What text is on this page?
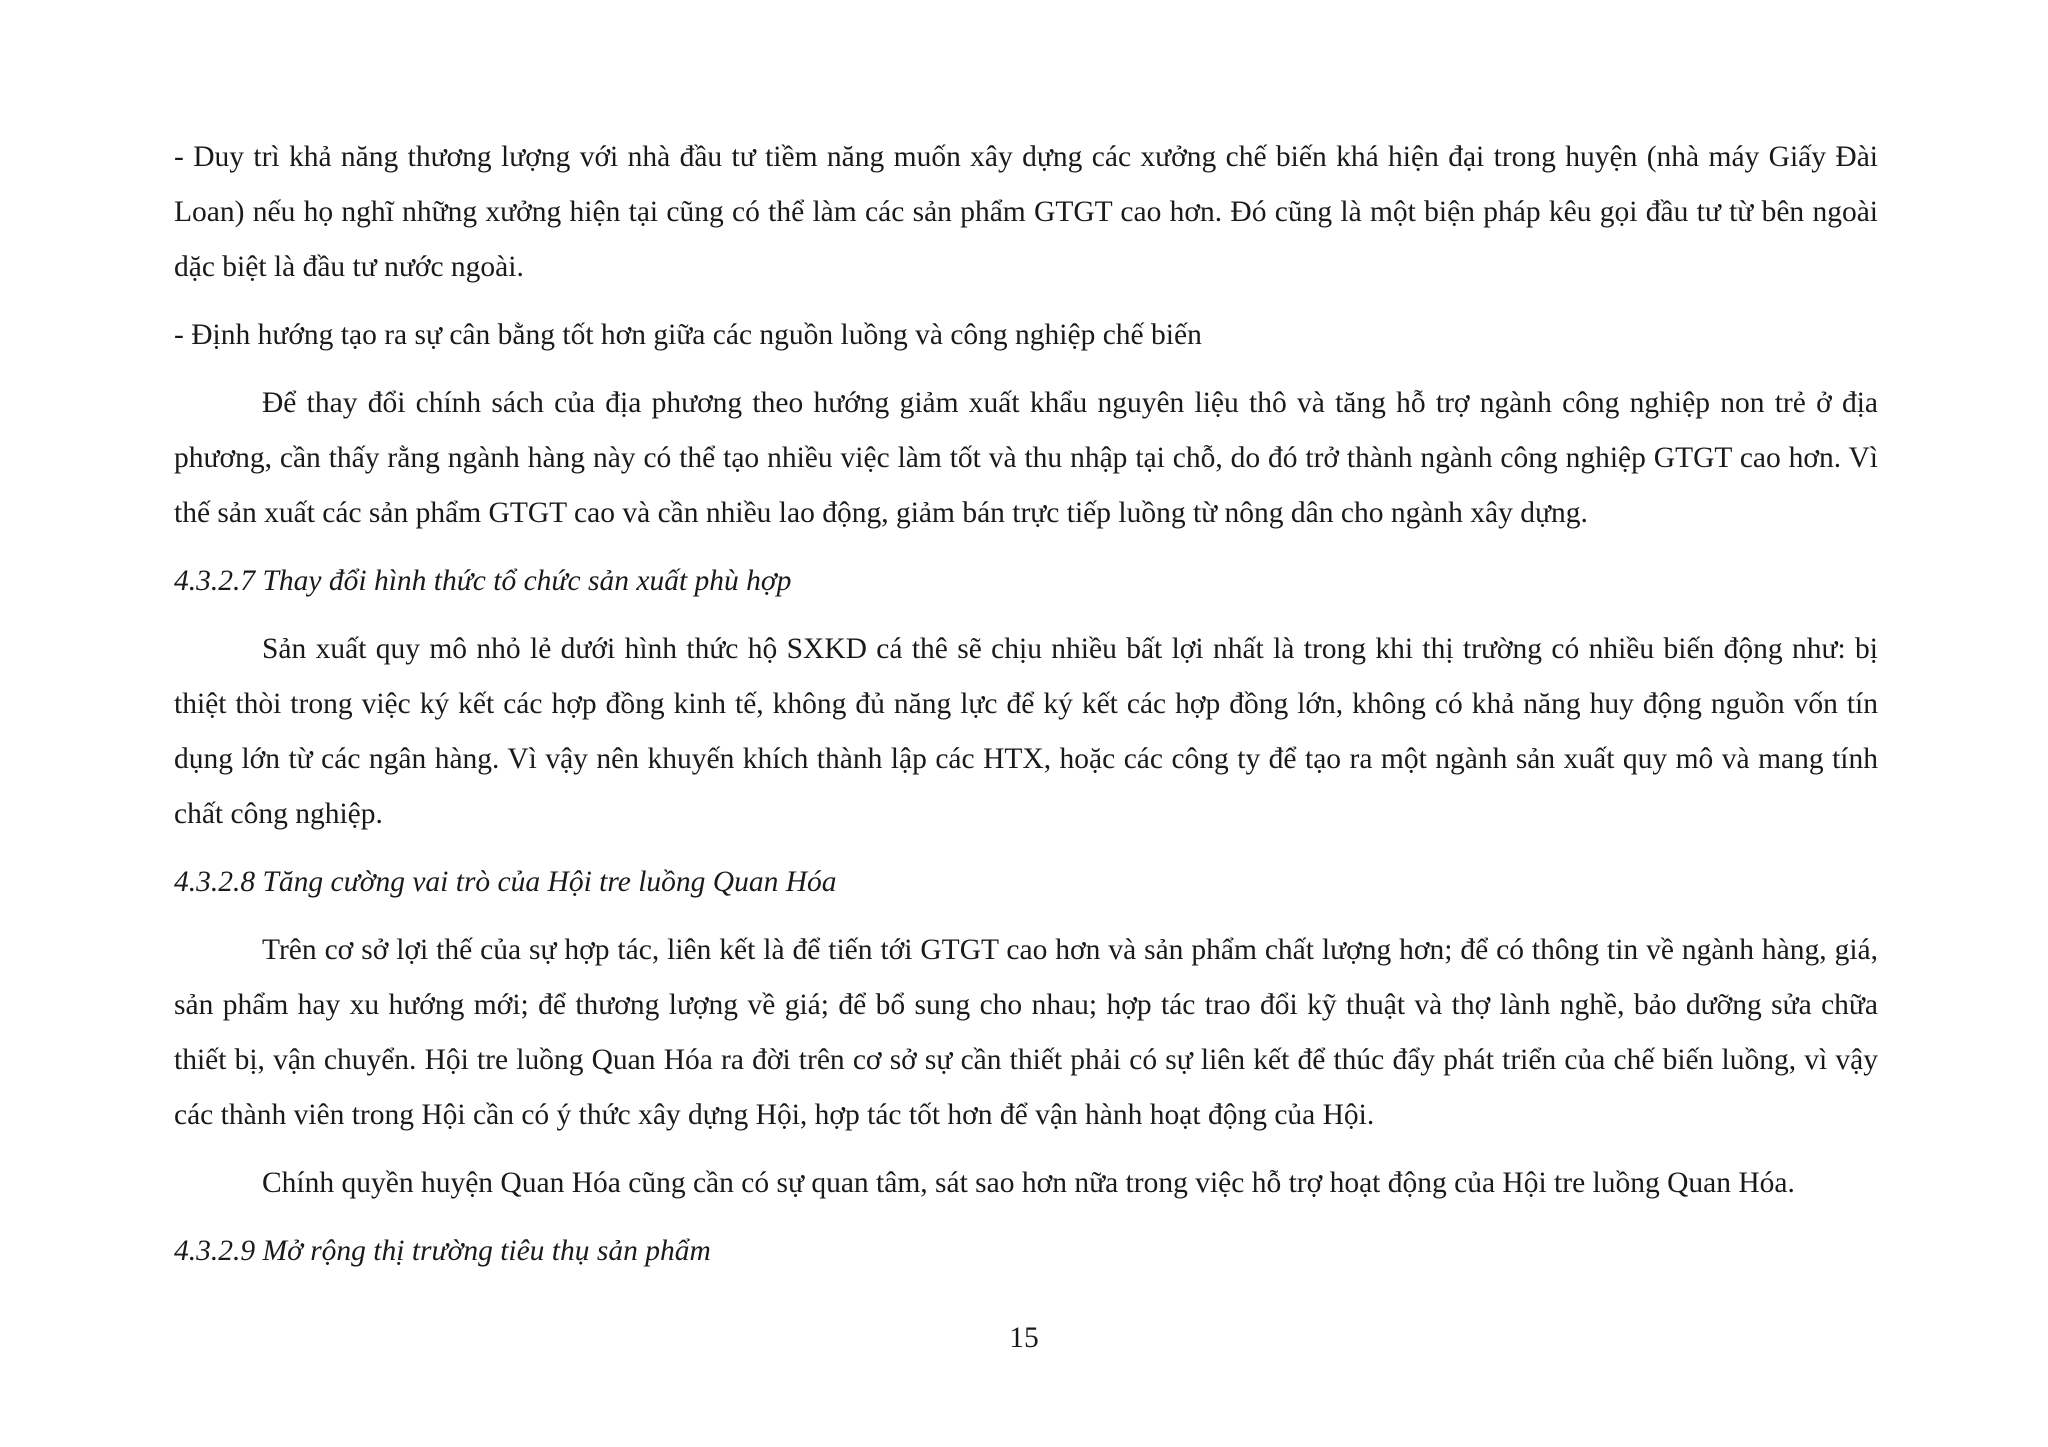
- Duy trì khả năng thương lượng với nhà đầu tư tiềm năng muốn xây dựng các xưởng chế biến khá hiện đại trong huyện (nhà máy Giấy Đài Loan) nếu họ nghĩ những xưởng hiện tại cũng có thể làm các sản phẩm GTGT cao hơn. Đó cũng là một biện pháp kêu gọi đầu tư từ bên ngoài dặc biệt là đầu tư nước ngoài.

- Định hướng tạo ra sự cân bằng tốt hơn giữa các nguồn luồng và công nghiệp chế biến

Để thay đổi chính sách của địa phương theo hướng giảm xuất khẩu nguyên liệu thô và tăng hỗ trợ ngành công nghiệp non trẻ ở địa phương, cần thấy rằng ngành hàng này có thể tạo nhiều việc làm tốt và thu nhập tại chỗ, do đó trở thành ngành công nghiệp GTGT cao hơn. Vì thế sản xuất các sản phẩm GTGT cao và cần nhiều lao động, giảm bán trực tiếp luồng từ nông dân cho ngành xây dựng.

4.3.2.7 Thay đổi hình thức tổ chức sản xuất phù hợp

Sản xuất quy mô nhỏ lẻ dưới hình thức hộ SXKD cá thê sẽ chịu nhiều bất lợi nhất là trong khi thị trường có nhiều biến động như: bị thiệt thòi trong việc ký kết các hợp đồng kinh tế, không đủ năng lực để ký kết các hợp đồng lớn, không có khả năng huy động nguồn vốn tín dụng lớn từ các ngân hàng. Vì vậy nên khuyến khích thành lập các HTX, hoặc các công ty để tạo ra một ngành sản xuất quy mô và mang tính chất công nghiệp.

4.3.2.8 Tăng cường vai trò của Hội tre luồng Quan Hóa

Trên cơ sở lợi thế của sự hợp tác, liên kết là để tiến tới GTGT cao hơn và sản phẩm chất lượng hơn; để có thông tin về ngành hàng, giá, sản phẩm hay xu hướng mới; để thương lượng về giá; để bổ sung cho nhau; hợp tác trao đổi kỹ thuật và thợ lành nghề, bảo dưỡng sửa chữa thiết bị, vận chuyển. Hội tre luồng Quan Hóa ra đời trên cơ sở sự cần thiết phải có sự liên kết để thúc đẩy phát triển của chế biến luồng, vì vậy các thành viên trong Hội cần có ý thức xây dựng Hội, hợp tác tốt hơn để vận hành hoạt động của Hội.

Chính quyền huyện Quan Hóa cũng cần có sự quan tâm, sát sao hơn nữa trong việc hỗ trợ hoạt động của Hội tre luồng Quan Hóa.

4.3.2.9 Mở rộng thị trường tiêu thụ sản phẩm

15
